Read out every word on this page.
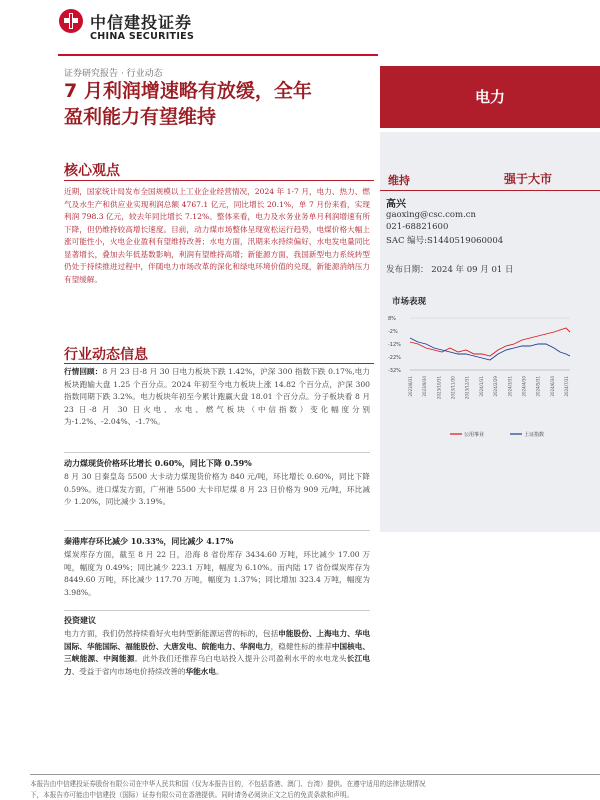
中信建投证券
CHINA SECURITIES
证券研究报告 · 行业动态
7 月利润增速略有放缓，全年
盈利能力有望维持
电力
维持	强于大市
高兴
gaoxing@csc.com.cn
021-68821600
SAC 编号:S1440519060004
发布日期： 2024 年 09 月 01 日
市场表现
8%
-2%
-12%
-22%
-32%
2023/8/31 2023/9/30 2023/10/31 2023/11/30 2023/12/31 2024/1/31 2024/2/29 2024/3/31 2024/4/30 2024/5/31 2024/6/30 2024/7/31
公用事业	上证指数
核心观点
近期，国家统计局发布全国规模以上工业企业经营情况，2024 年 1-7 月，电力、热力、燃气及水生产和供应业实现利润总额 4767.1 亿元，同比增长 20.1%，单 7 月份来看，实现利润 798.3 亿元，较去年同比增长 7.12%。整体来看，电力及水务业务单月利润增速有所下降，但仍维持较高增长速度。目前，动力煤市场整体呈现宽松运行趋势，电煤价格大幅上涨可能性小，火电企业盈利有望维持改善；水电方面，汛期来水持续偏好，水电发电量同比显著增长，叠加去年低基数影响，利润有望维持高增；新能源方面，我国新型电力系统转型仍处于持续推进过程中，伴随电力市场改革的深化和绿电环境价值的兑现，新能源消纳压力有望缓解。
行业动态信息
行情回顾：8 月 23 日-8 月 30 日电力板块下跌 1.42%，沪深 300 指数下跌 0.17%,电力板块跑输大盘 1.25 个百分点。2024 年初至今电力板块上涨 14.82 个百分点，沪深 300 指数同期下跌 3.2%。电力板块年初至今累计跑赢大盘 18.01 个百分点。分子板块看 8 月 23 日-8 月 30 日火电、水电、燃气板块（中信指数）变化幅度分别为-1.2%、-2.04%、-1.7%。
动力煤现货价格环比增长 0.60%，同比下降 0.59%
8 月 30 日秦皇岛 5500 大卡动力煤现货价格为 840 元/吨，环比增长 0.60%，同比下降 0.59%。进口煤发方面，广州港 5500 大卡印尼煤 8 月 23 日价格为 909 元/吨，环比减少 1.20%，同比减少 3.19%。
秦港库存环比减少 10.33%，同比减少 4.17%
煤炭库存方面，截至 8 月 22 日，沿海 8 省份库存 3434.60 万吨，环比减少 17.00 万吨，幅度为 0.49%；同比减少 223.1 万吨，幅度为 6.10%。而内陆 17 省份煤炭库存为 8449.60 万吨，环比减少 117.70 万吨，幅度为 1.37%；同比增加 323.4 万吨，幅度为 3.98%。
投资建议
电力方面，我们仍然持续看好火电转型新能源运营的标的，包括申能股份、上海电力、华电国际、华能国际、福能股份、大唐发电、皖能电力、华润电力，稳健性标的推荐中国核电、三峡能源、中闽能源。此外我们还推荐乌白电站投入提升公司盈利水平的水电龙头长江电力、受益于省内市场电价持续改善的华能水电。
本报告由中信建投证券股份有限公司在中华人民共和国（仅为本报告目的，不包括香港、澳门、台湾）提供。在遵守适用的法律法规情况
下，本报告亦可能由中信建投（国际）证券有限公司在香港提供。同时请务必阅读正文之后的免责条款和声明。
